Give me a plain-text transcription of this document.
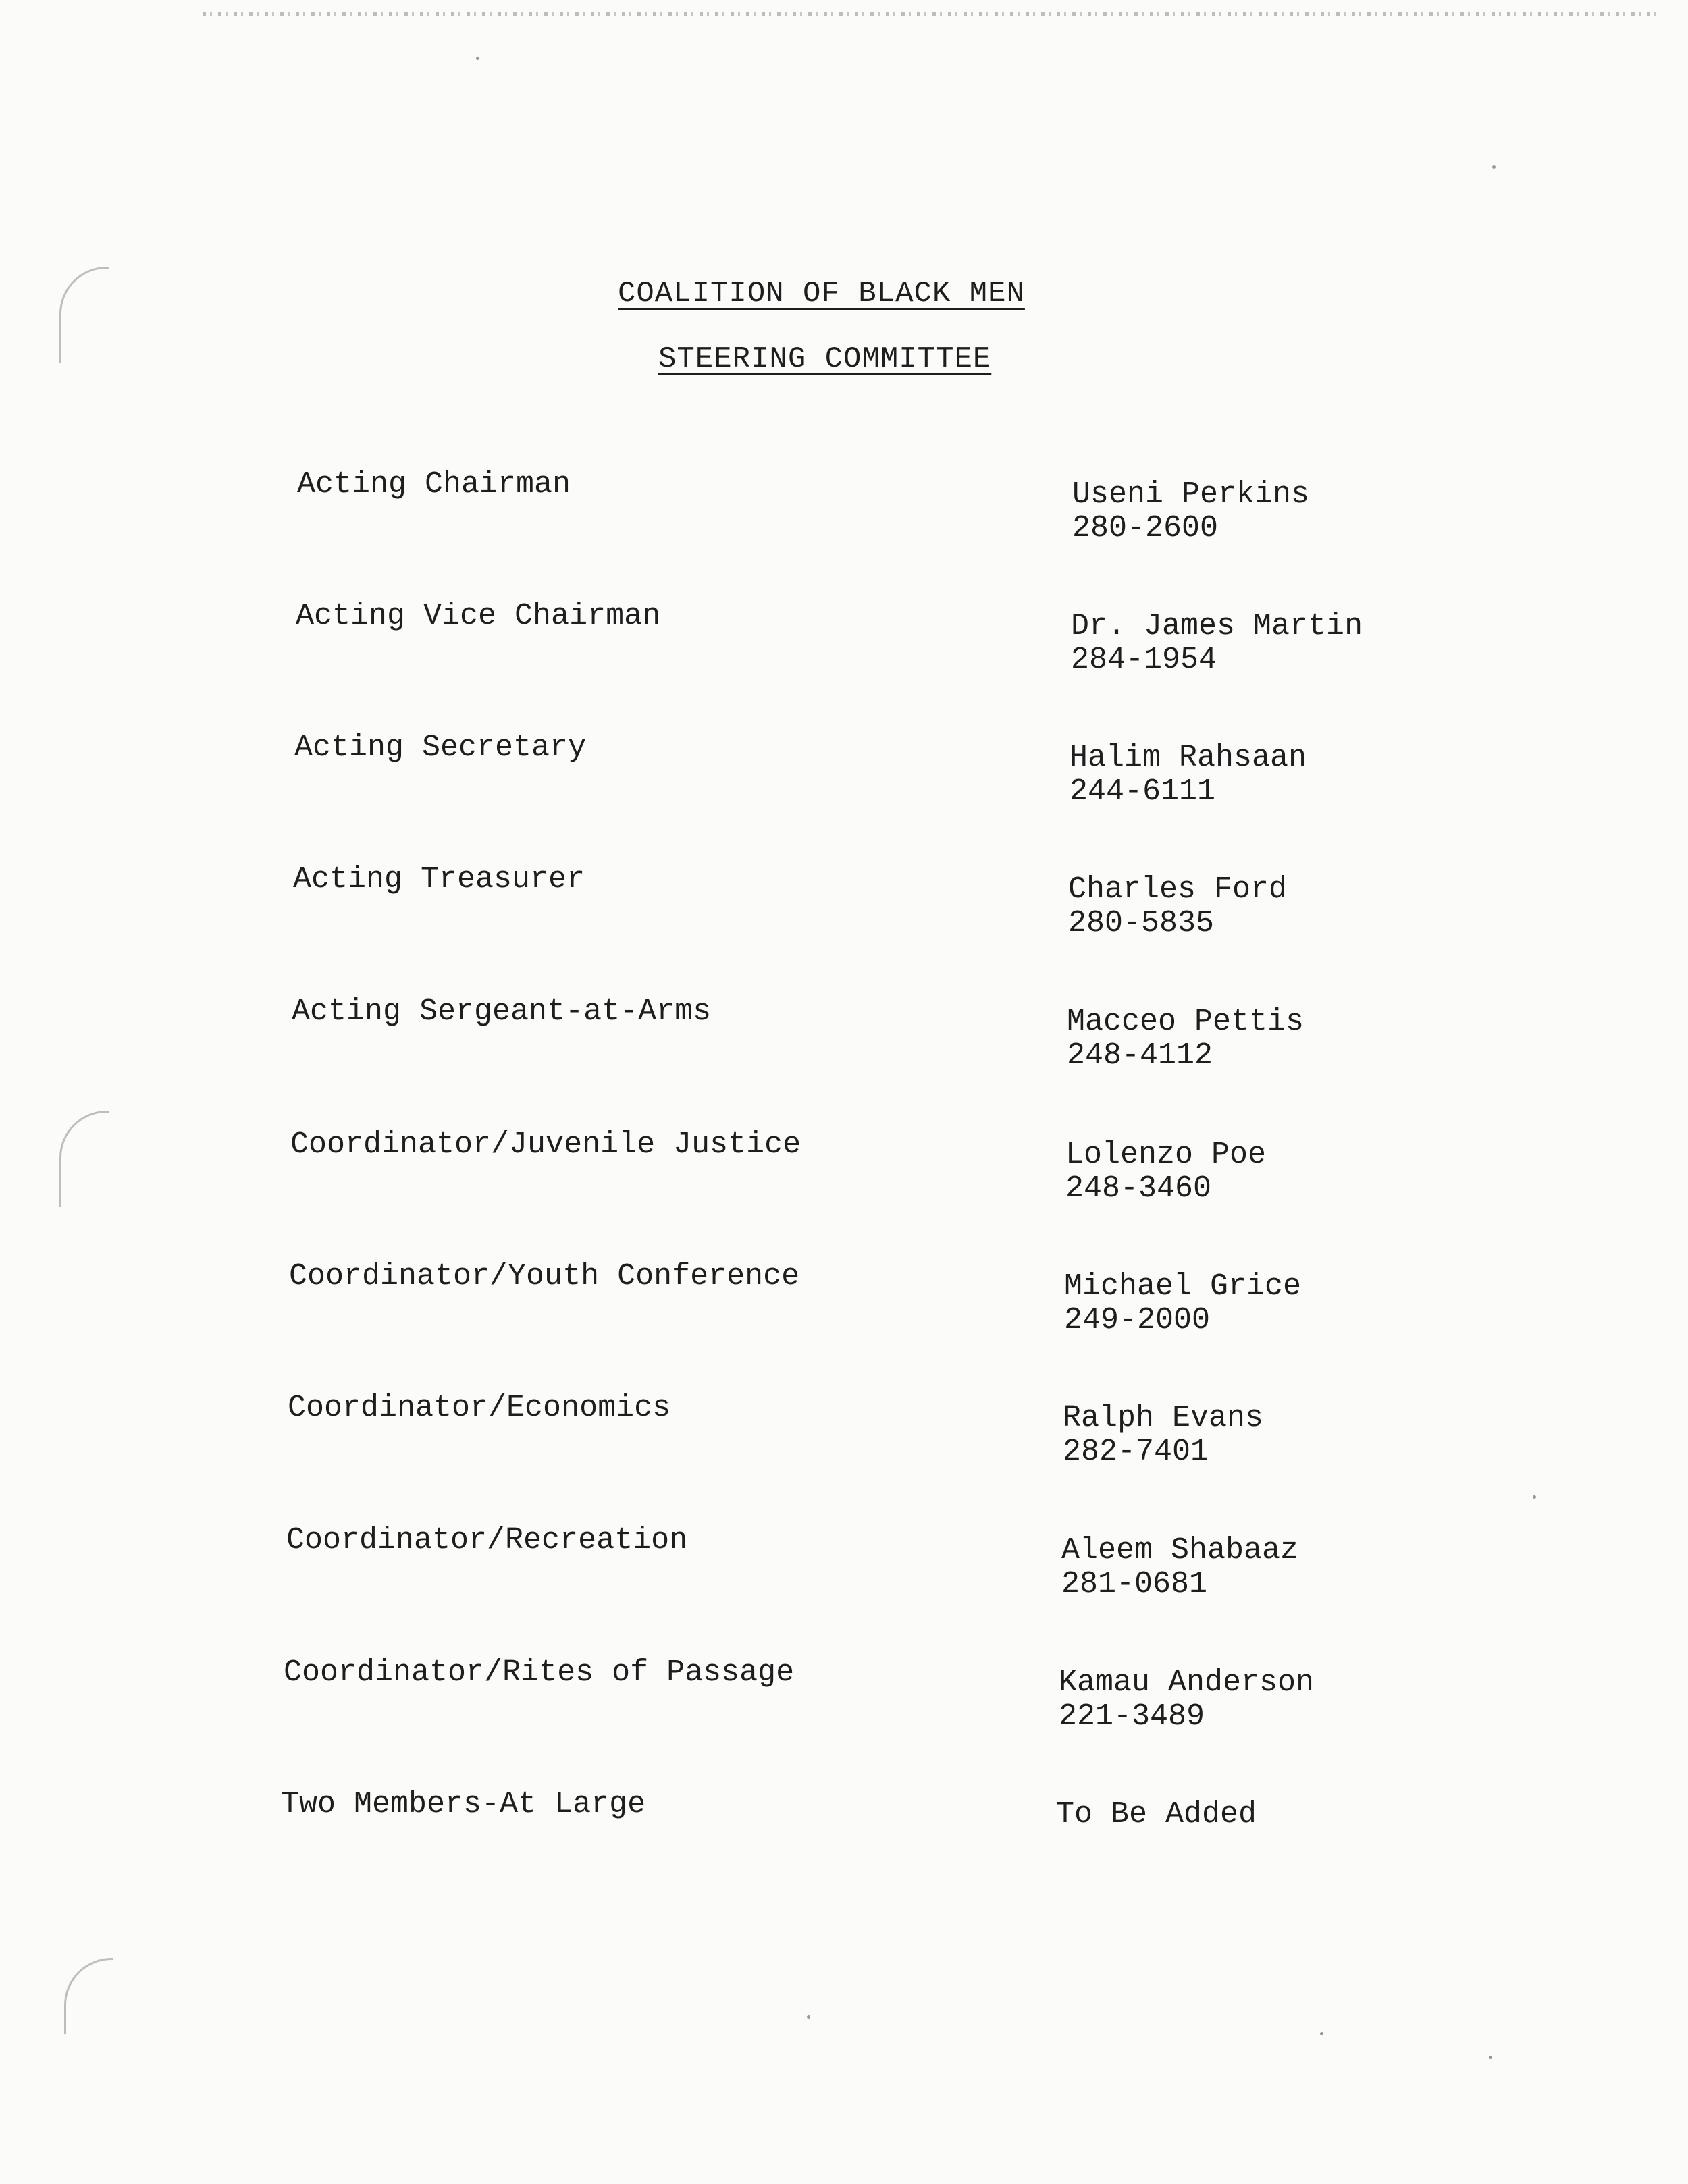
COALITION OF BLACK MEN
STEERING COMMITTEE
Acting Chairman	Useni Perkins
280-2600
Acting Vice Chairman	Dr. James Martin
284-1954
Acting Secretary	Halim Rahsaan
244-6111
Acting Treasurer	Charles Ford
280-5835
Acting Sergeant-at-Arms	Macceo Pettis
248-4112
Coordinator/Juvenile Justice	Lolenzo Poe
248-3460
Coordinator/Youth Conference	Michael Grice
249-2000
Coordinator/Economics	Ralph Evans
282-7401
Coordinator/Recreation	Aleem Shabaaz
281-0681
Coordinator/Rites of Passage	Kamau Anderson
221-3489
Two Members-At Large	To Be Added
